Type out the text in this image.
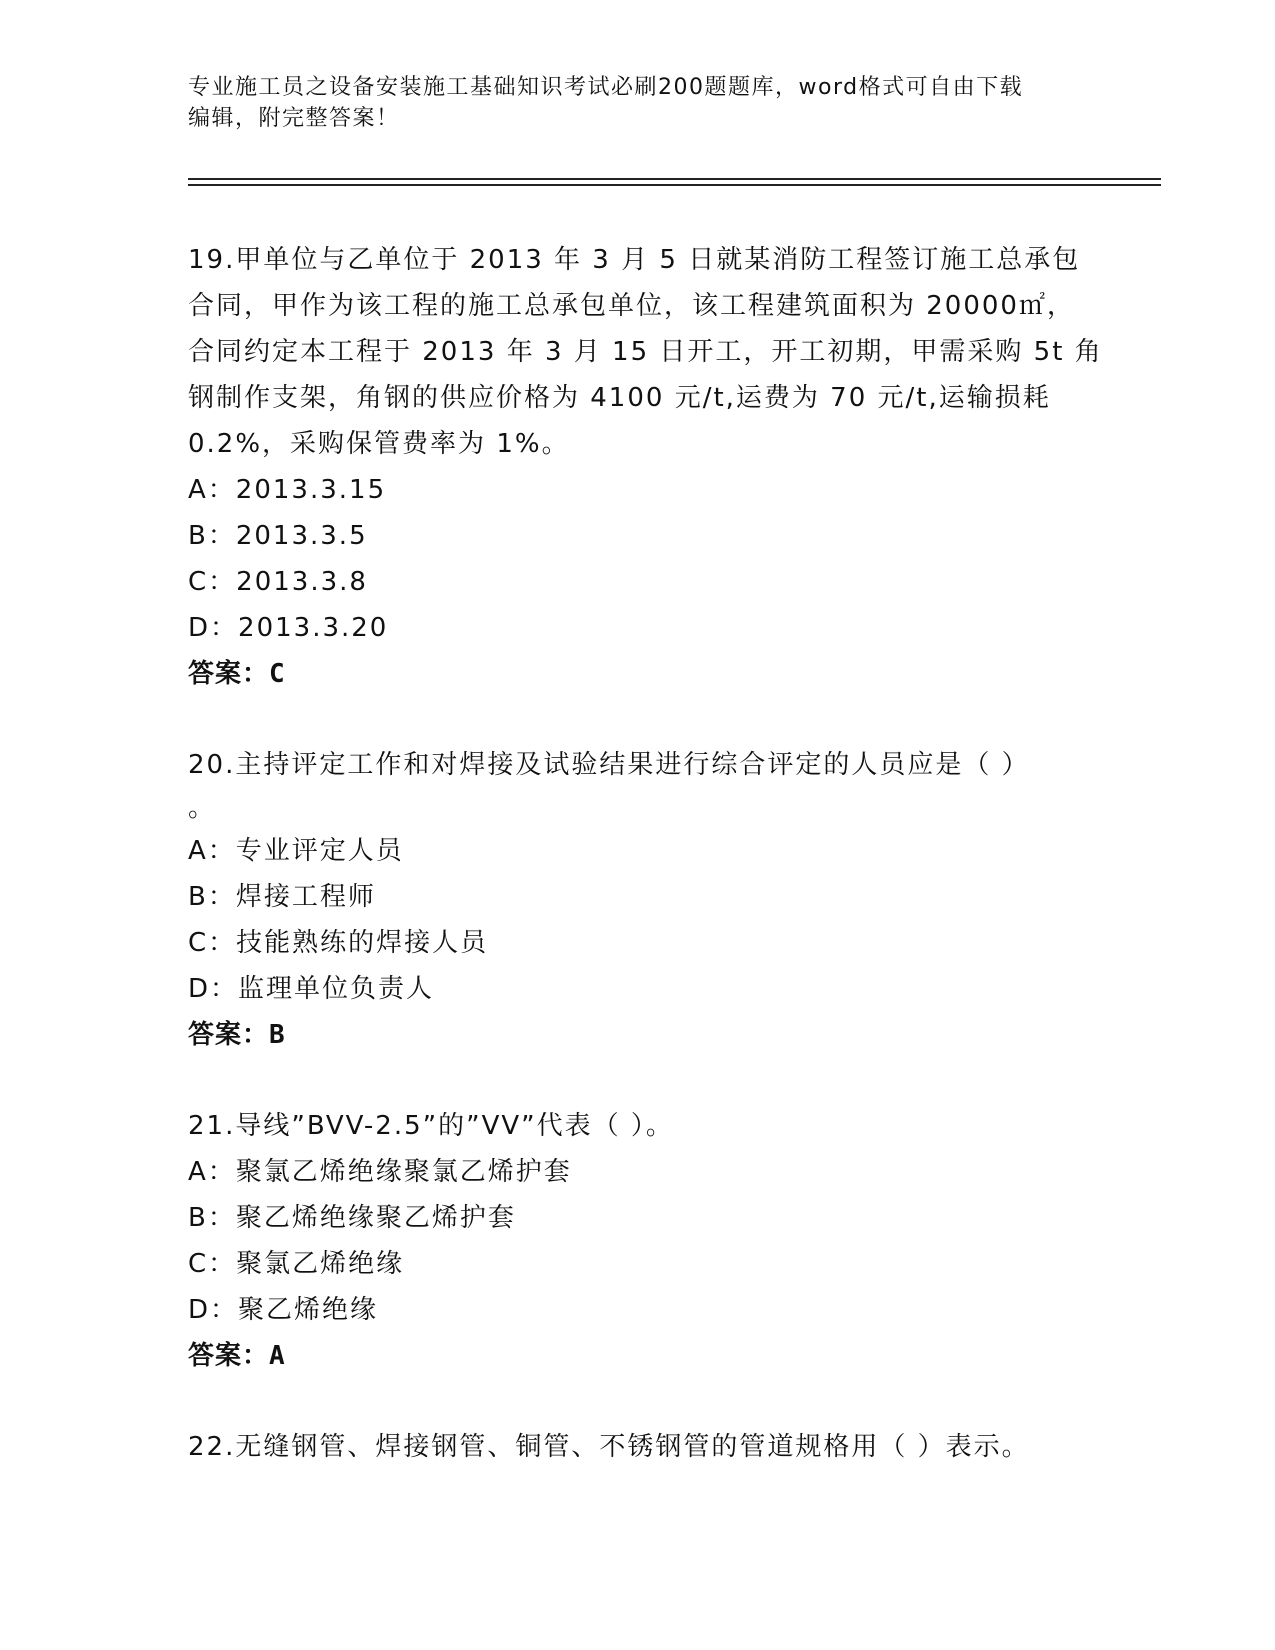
专业施工员之设备安装施工基础知识考试必刷200题题库，word格式可自由下载
编辑，附完整答案！
19.甲单位与乙单位于 2013 年 3 月 5 日就某消防工程签订施工总承包
合同，甲作为该工程的施工总承包单位，该工程建筑面积为 20000㎡，
合同约定本工程于 2013 年 3 月 15 日开工，开工初期，甲需采购 5t 角
钢制作支架，角钢的供应价格为 4100 元/t,运费为 70 元/t,运输损耗
0.2%，采购保管费率为 1%。
A：2013.3.15
B：2013.3.5
C：2013.3.8
D：2013.3.20
答案：C
20.主持评定工作和对焊接及试验结果进行综合评定的人员应是（ ）
。
A：专业评定人员
B：焊接工程师
C：技能熟练的焊接人员
D：监理单位负责人
答案：B
21.导线”BVV-2.5”的”VV”代表（ ）。
A：聚氯乙烯绝缘聚氯乙烯护套
B：聚乙烯绝缘聚乙烯护套
C：聚氯乙烯绝缘
D：聚乙烯绝缘
答案：A
22.无缝钢管、焊接钢管、铜管、不锈钢管的管道规格用（ ）表示。
